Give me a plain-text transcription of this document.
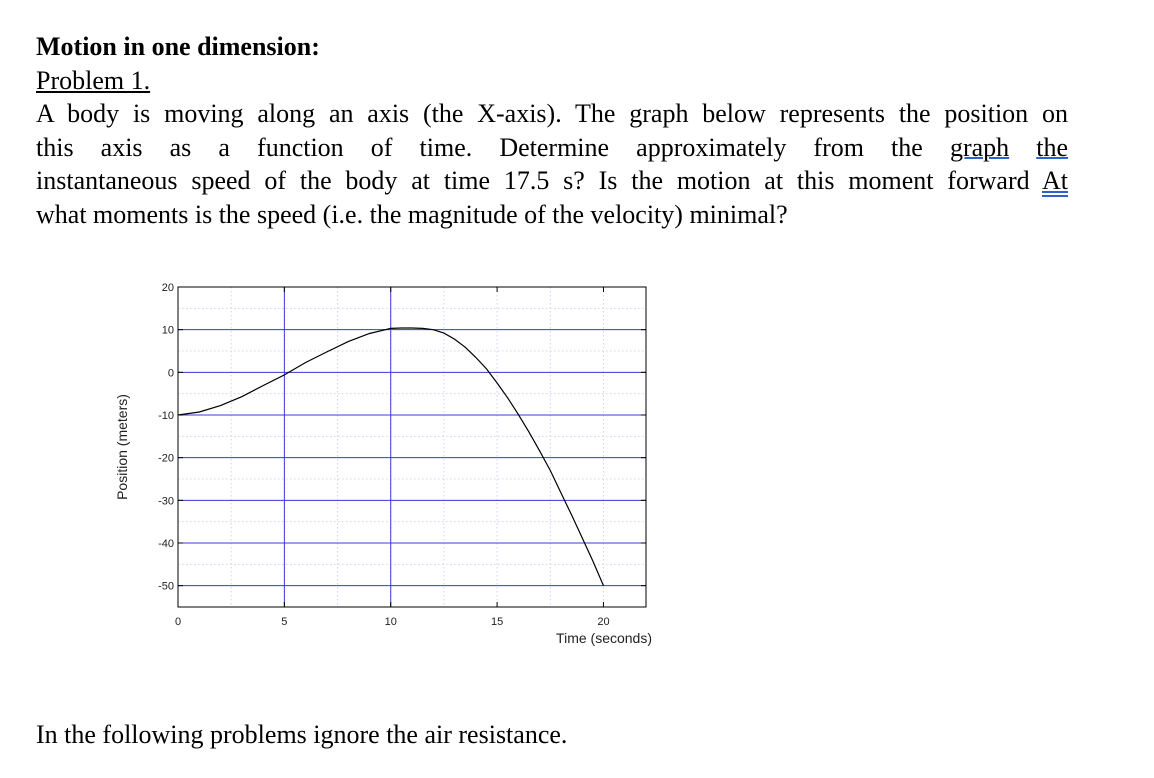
Motion in one dimension:
Problem 1.
A body is moving along an axis (the X-axis). The graph below represents the position on
this axis as a function of time. Determine approximately from the graph the
instantaneous speed of the body at time 17.5 s? Is the motion at this moment forward At
what moments is the speed (i.e. the magnitude of the velocity) minimal?
0	5	10	15	20
20
10
0
-10
-20
-30
-40
-50
Position (meters)
Time (seconds)
In the following problems ignore the air resistance.
